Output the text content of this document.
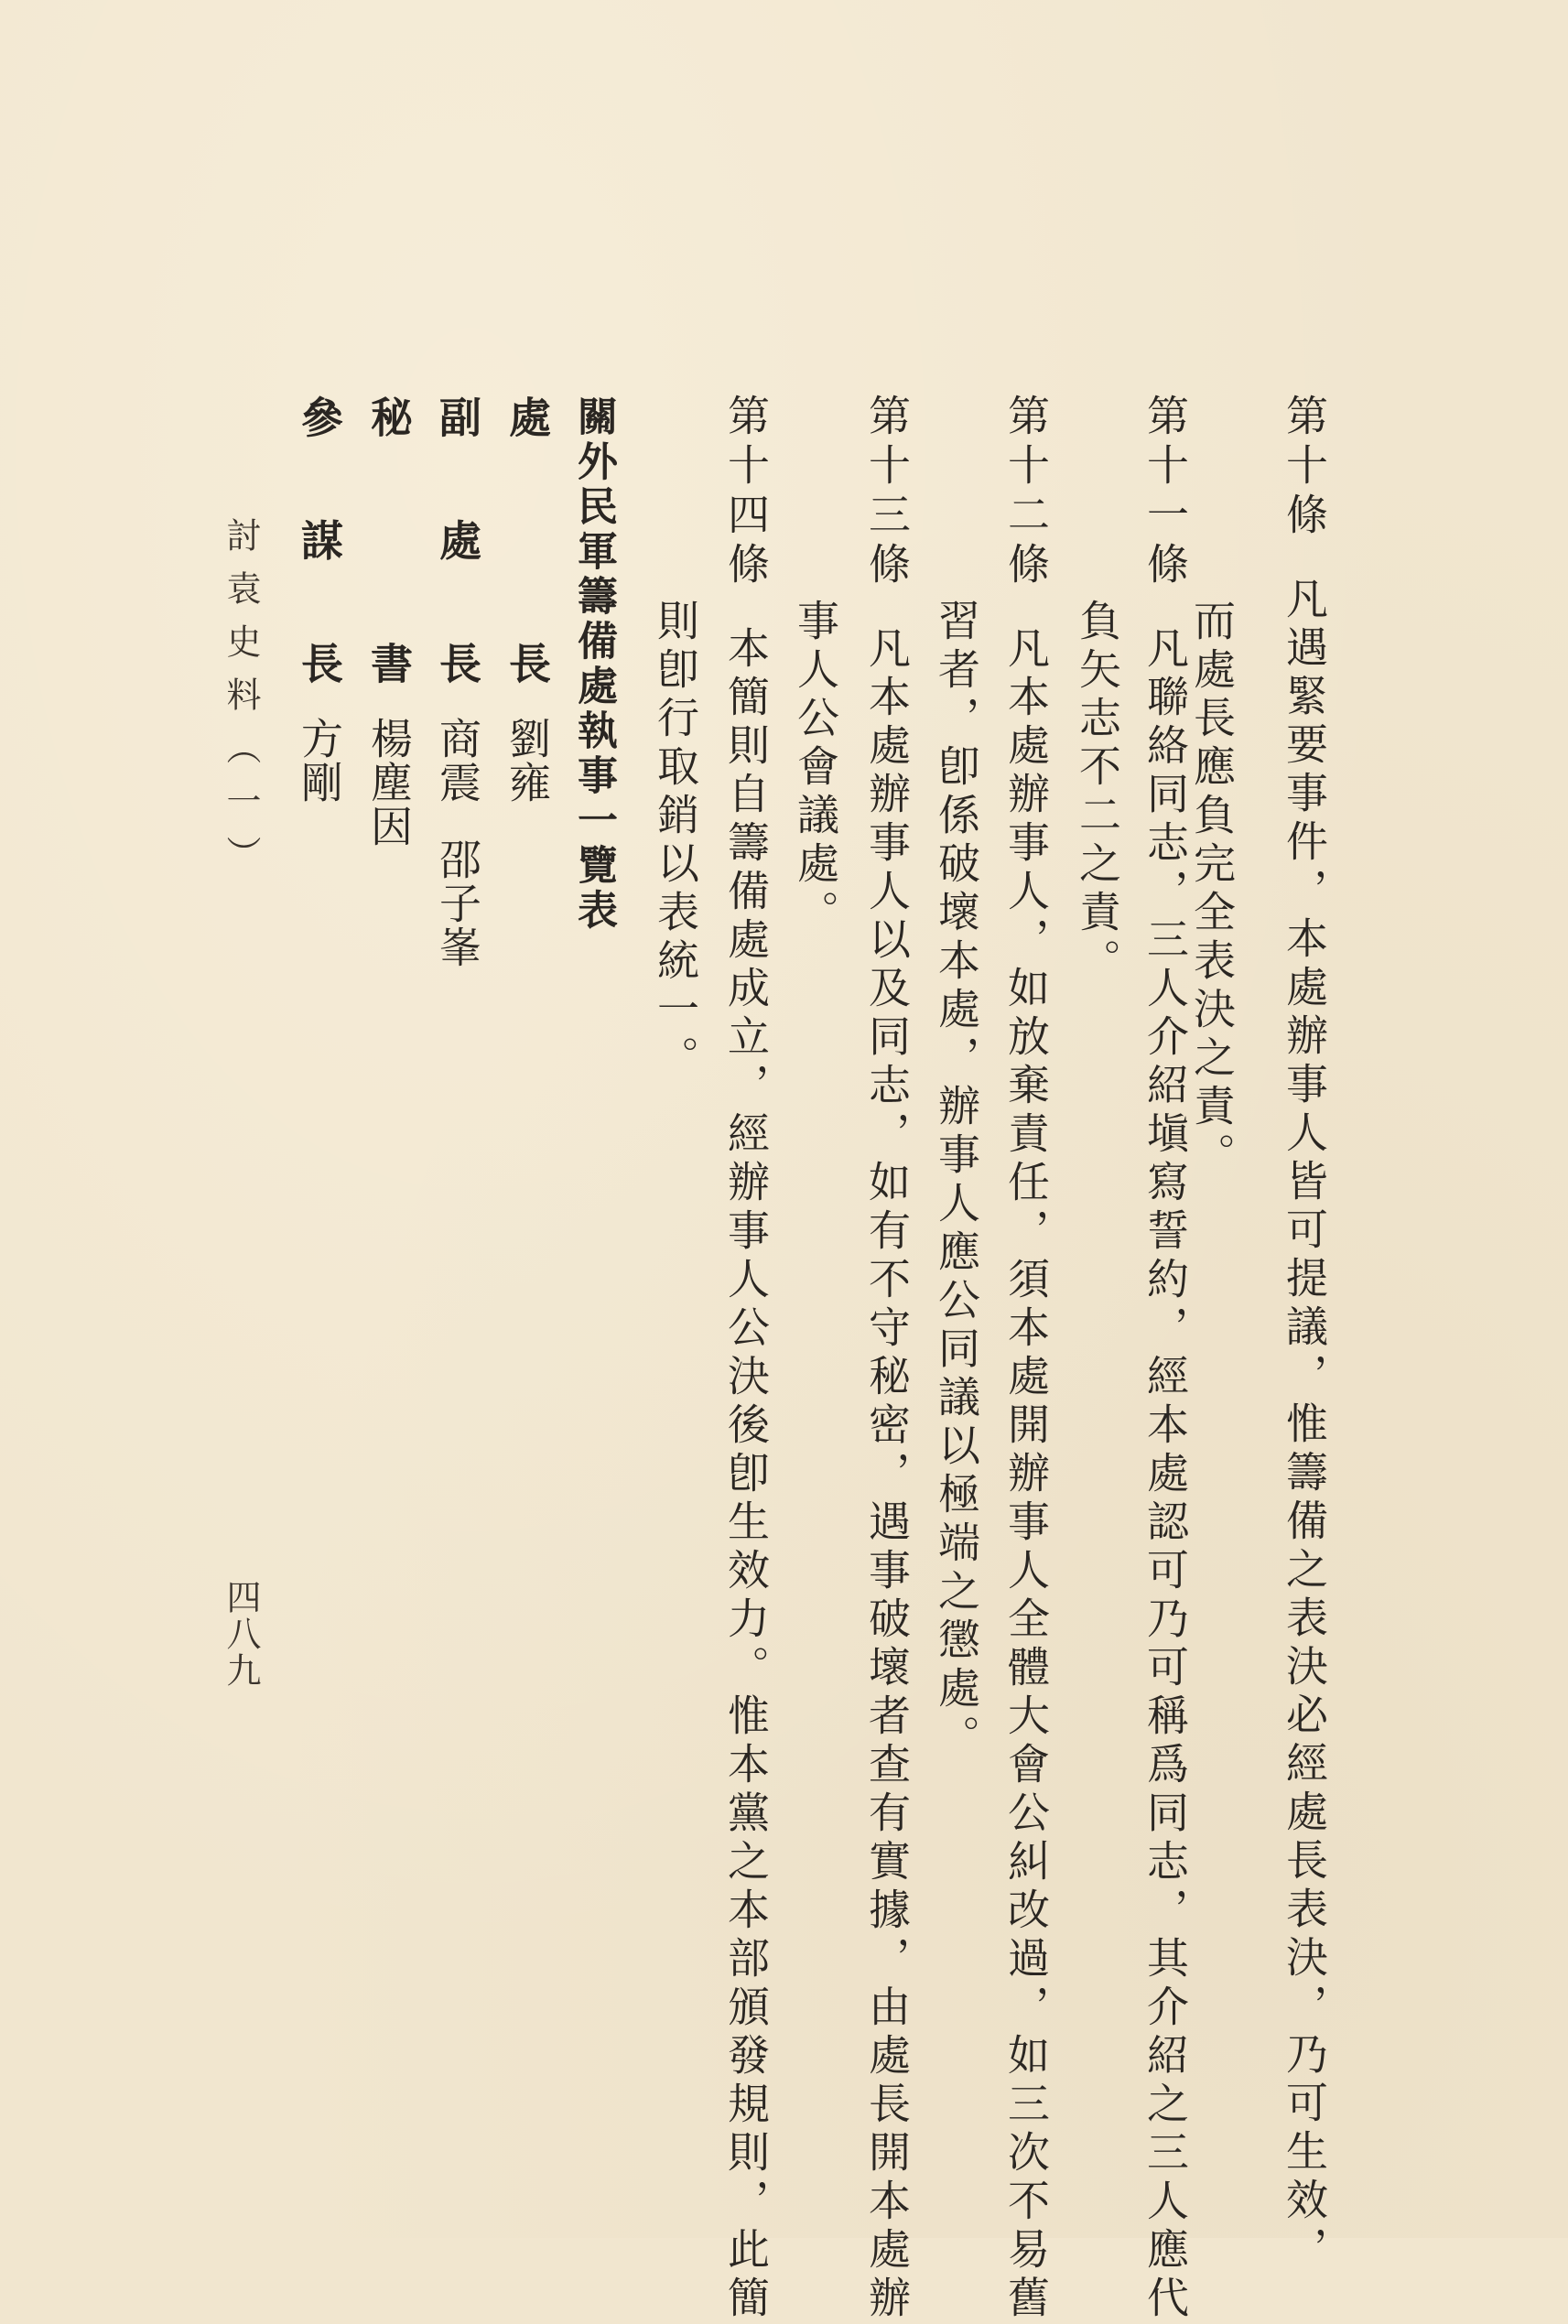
第十條凡遇緊要事件，本處辦事人皆可提議，惟籌備之表決必經處長表決，乃可生效，
而處長應負完全表決之責。
第十一條凡聯絡同志，三人介紹塡寫誓約，經本處認可乃可稱爲同志，其介紹之三人應代
負矢志不二之責。
第十二條凡本處辦事人，如放棄責任，須本處開辦事人全體大會公糾改過，如三次不易舊
習者，卽係破壞本處，辦事人應公同議以極端之懲處。
第十三條凡本處辦事人以及同志，如有不守秘密，遇事破壞者查有實據，由處長開本處辦
事人公會議處。
第十四條本簡則自籌備處成立，經辦事人公決後卽生效力。惟本黨之本部頒發規則，此簡
則卽行取銷以表統一。
關外民軍籌備處執事一覽表
處長劉雍
副處長商震邵子峯
秘書楊塵因
參謀長方剛
討袁史料（一）
四八九
